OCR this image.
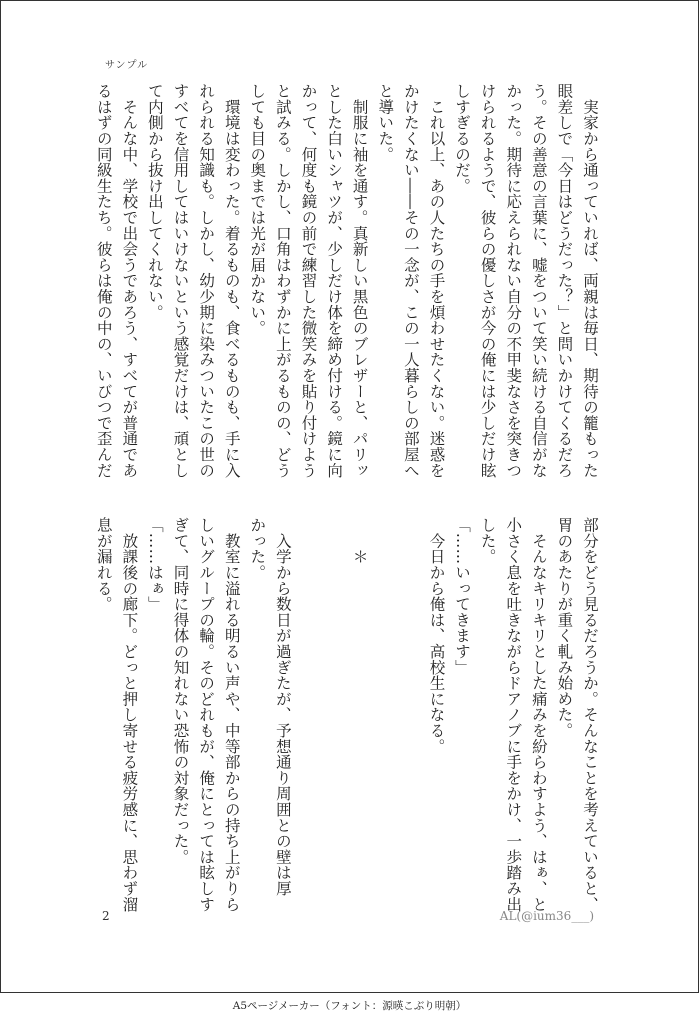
サンプル
　実家から通っていれば、両親は毎日、期待の籠もった
眼差しで「今日はどうだった？」と問いかけてくるだろ
う。その善意の言葉に、嘘をついて笑い続ける自信がな
かった。期待に応えられない自分の不甲斐なさを突きつ
けられるようで、彼らの優しさが今の俺には少しだけ眩
しすぎるのだ。
　これ以上、あの人たちの手を煩わせたくない。迷惑を
かけたくない――その一念が、この一人暮らしの部屋へ
と導いた。
　制服に袖を通す。真新しい黒色のブレザーと、パリッ
とした白いシャツが、少しだけ体を締め付ける。鏡に向
かって、何度も鏡の前で練習した微笑みを貼り付けよう
と試みる。しかし、口角はわずかに上がるものの、どう
しても目の奥までは光が届かない。
　環境は変わった。着るものも、食べるものも、手に入
れられる知識も。しかし、幼少期に染みついたこの世の
すべてを信用してはいけないという感覚だけは、頑とし
て内側から抜け出してくれない。
　そんな中、学校で出会うであろう、すべてが普通であ
るはずの同級生たち。彼らは俺の中の、いびつで歪んだ
部分をどう見るだろうか。そんなことを考えていると、
胃のあたりが重く軋み始めた。
　そんなキリキリとした痛みを紛らわすよう、はぁ、と
小さく息を吐きながらドアノブに手をかけ、一歩踏み出
した。
「……いってきます」
　今日から俺は、高校生になる。
　　＊
　入学から数日が過ぎたが、予想通り周囲との壁は厚
かった。
　教室に溢れる明るい声や、中等部からの持ち上がりら
しいグループの輪。そのどれもが、俺にとっては眩しす
ぎて、同時に得体の知れない恐怖の対象だった。
「……はぁ」
　放課後の廊下。どっと押し寄せる疲労感に、思わず溜
息が漏れる。
2	AL(@ium36___)
A5ページメーカー（フォント：源暎こぶり明朝）
